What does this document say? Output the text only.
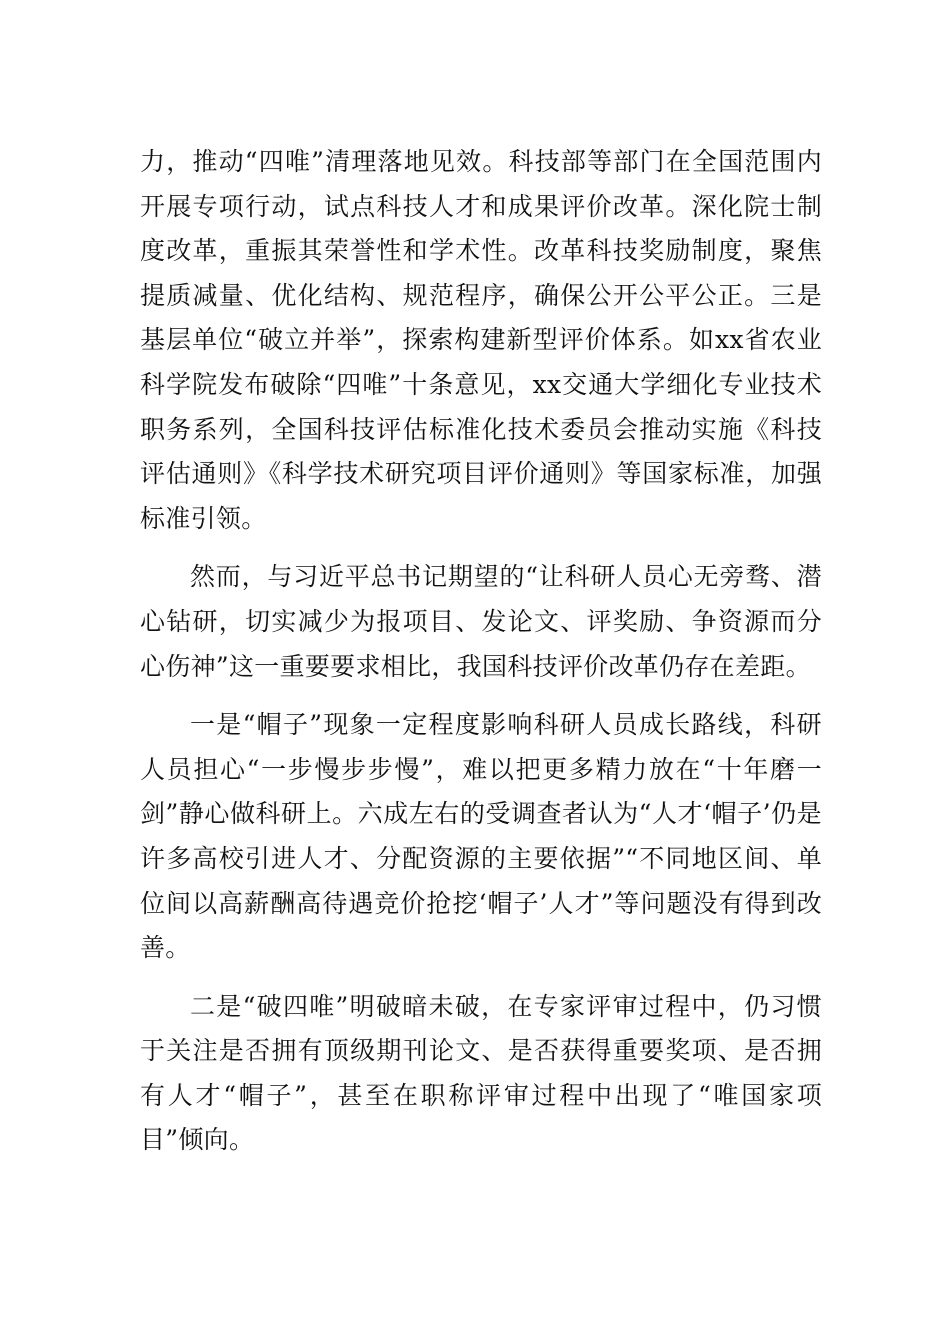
力，推动“四唯”清理落地见效。科技部等部门在全国范围内开展专项行动，试点科技人才和成果评价改革。深化院士制度改革，重振其荣誉性和学术性。改革科技奖励制度，聚焦提质减量、优化结构、规范程序，确保公开公平公正。三是基层单位“破立并举”，探索构建新型评价体系。如xx省农业科学院发布破除“四唯”十条意见，xx交通大学细化专业技术职务系列，全国科技评估标准化技术委员会推动实施《科技评估通则》《科学技术研究项目评价通则》等国家标准，加强标准引领。

然而，与习近平总书记期望的“让科研人员心无旁骛、潜心钻研，切实减少为报项目、发论文、评奖励、争资源而分心伤神”这一重要要求相比，我国科技评价改革仍存在差距。

一是“帽子”现象一定程度影响科研人员成长路线，科研人员担心“一步慢步步慢”，难以把更多精力放在“十年磨一剑”静心做科研上。六成左右的受调查者认为“人才‘帽子’仍是许多高校引进人才、分配资源的主要依据”“不同地区间、单位间以高薪酬高待遇竞价抢挖‘帽子’人才”等问题没有得到改善。

二是“破四唯”明破暗未破，在专家评审过程中，仍习惯于关注是否拥有顶级期刊论文、是否获得重要奖项、是否拥有人才“帽子”，甚至在职称评审过程中出现了“唯国家项目”倾向。
